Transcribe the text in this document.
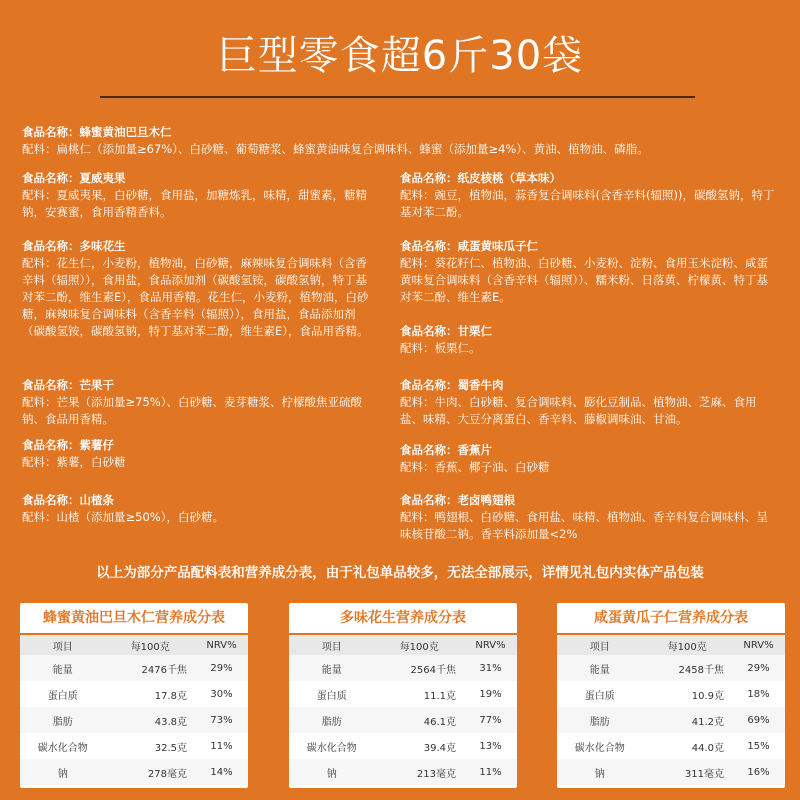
巨型零食超6斤30袋
食品名称：蜂蜜黄油巴旦木仁
配料：扁桃仁（添加量≥67%）、白砂糖、葡萄糖浆、蜂蜜黄油味复合调味料、蜂蜜（添加量≥4%）、黄油、植物油、磷脂。
食品名称：夏威夷果
配料：夏威夷果，白砂糖，食用盐，加糖炼乳，味精，甜蜜素，糖精钠，安赛蜜，食用香精香料。
食品名称：纸皮核桃（草本味）
配料：豌豆，植物油，蒜香复合调味料(含香辛料(辐照))，碳酸氢钠，特丁基对苯二酚。
食品名称：多味花生
配料：花生仁，小麦粉，植物油，白砂糖，麻辣味复合调味料（含香辛料（辐照）），食用盐，食品添加剂（碳酸氢铵，碳酸氢钠，特丁基对苯二酚，维生素E），食品用香精。花生仁，小麦粉，植物油，白砂糖，麻辣味复合调味料（含香辛料（辐照）），食用盐，食品添加剂（碳酸氢铵，碳酸氢钠，特丁基对苯二酚，维生素E），食品用香精。
食品名称：咸蛋黄味瓜子仁
配料：葵花籽仁、植物油、白砂糖、小麦粉、淀粉、食用玉米淀粉、咸蛋黄味复合调味料（含香辛料（辐照））、糯米粉、日落黄、柠檬黄、特丁基对苯二酚、维生素E。
食品名称：甘栗仁
配料：板栗仁。
食品名称：芒果干
配料：芒果（添加量≥75%）、白砂糖、麦芽糖浆、柠檬酸焦亚硫酸钠、食品用香精。
食品名称：蜀香牛肉
配料：牛肉、白砂糖、复合调味料、膨化豆制品、植物油、芝麻、食用盐、味精、大豆分离蛋白、香辛料、藤椒调味油、甘油。
食品名称：紫薯仔
配料：紫薯，白砂糖
食品名称：香蕉片
配料：香蕉、椰子油、白砂糖
食品名称：山楂条
配料：山楂（添加量≥50%），白砂糖。
食品名称：老卤鸭翅根
配料：鸭翅根、白砂糖、食用盐、味精、植物油、香辛料复合调味料、呈味核苷酸二钠。香辛料添加量<2%
以上为部分产品配料表和营养成分表，由于礼包单品较多，无法全部展示，详情见礼包内实体产品包装
蜂蜜黄油巴旦木仁营养成分表
项目	每100克	NRV%
能量	2476千焦	29%
蛋白质	17.8克	30%
脂肪	43.8克	73%
碳水化合物	32.5克	11%
钠	278毫克	14%
多味花生营养成分表
项目	每100克	NRV%
能量	2564千焦	31%
蛋白质	11.1克	19%
脂肪	46.1克	77%
碳水化合物	39.4克	13%
钠	213毫克	11%
咸蛋黄瓜子仁营养成分表
项目	每100克	NRV%
能量	2458千焦	29%
蛋白质	10.9克	18%
脂肪	41.2克	69%
碳水化合物	44.0克	15%
钠	311毫克	16%
